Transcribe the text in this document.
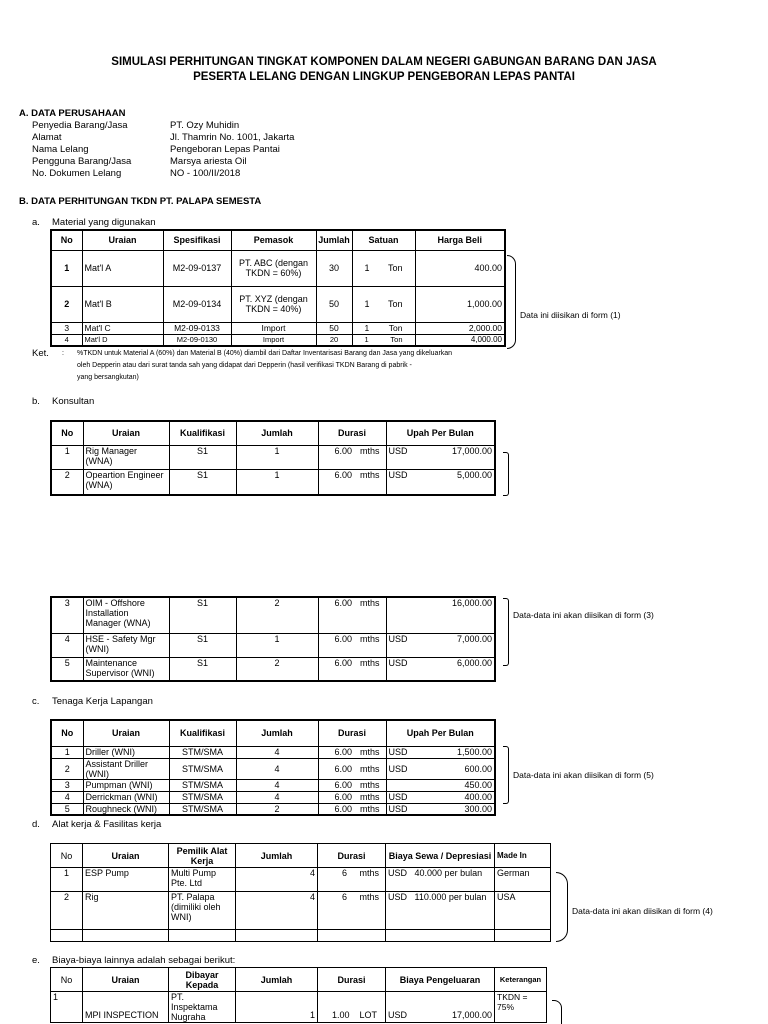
SIMULASI PERHITUNGAN TINGKAT KOMPONEN DALAM NEGERI GABUNGAN BARANG DAN JASA
PESERTA LELANG DENGAN LINGKUP PENGEBORAN LEPAS PANTAI
A. DATA PERUSAHAAN
Penyedia Barang/Jasa	PT. Ozy Muhidin
Alamat	Jl. Thamrin No. 1001, Jakarta
Nama Lelang	Pengeboran Lepas Pantai
Pengguna Barang/Jasa	Marsya ariesta Oil
No. Dokumen Lelang	NO - 100/II/2018
B. DATA PERHITUNGAN TKDN PT. PALAPA SEMESTA
a. Material yang digunakan
No	Uraian	Spesifikasi	Pemasok	Jumlah	Satuan	Harga Beli
1	Mat'l A	M2-09-0137	PT. ABC (dengan TKDN = 60%)	30	1 Ton	400.00
2	Mat'l B	M2-09-0134	PT. XYZ (dengan TKDN = 40%)	50	1 Ton	1,000.00
3	Mat'l C	M2-09-0133	Import	50	1 Ton	2,000.00
4	Mat'l D	M2-09-0130	Import	20	1 Ton	4,000.00
Data ini diisikan di form (1)
Ket. : %TKDN untuk Material A (60%) dan Material B (40%) diambil dari Daftar Inventarisasi Barang dan Jasa yang dikeluarkan
oleh Depperin atau dari surat tanda sah yang didapat dari Depperin (hasil verifikasi TKDN Barang di pabrik -
yang bersangkutan)
b. Konsultan
No	Uraian	Kualifikasi	Jumlah	Durasi	Upah Per Bulan
1	Rig Manager (WNA)	S1	1	6.00 mths	USD 17,000.00

2	Opeartion Engineer (WNA)	S1	1	6.00 mths	USD 5,000.00
3	OIM - Offshore Installation Manager (WNA)	S1	2	6.00 mths	16,000.00

4	HSE - Safety Mgr (WNI)	S1	1	6.00 mths	USD 7,000.00

5	Maintenance Supervisor (WNI)	S1	2	6.00 mths	USD 6,000.00
Data-data ini akan diisikan di form (3)
c. Tenaga Kerja Lapangan
No	Uraian	Kualifikasi	Jumlah	Durasi	Upah Per Bulan
1	Driller (WNI)	STM/SMA	4	6.00 mths	USD 1,500.00

2	Assistant Driller (WNI)	STM/SMA	4	6.00 mths	USD 600.00

3	Pumpman (WNI)	STM/SMA	4	6.00 mths	450.00

4	Derrickman (WNI)	STM/SMA	4	6.00 mths	USD 400.00

5	Roughneck (WNI)	STM/SMA	2	6.00 mths	USD 300.00
Data-data ini akan diisikan di form (5)
d. Alat kerja & Fasilitas kerja
No	Uraian	Pemilik Alat Kerja	Jumlah	Durasi	Biaya Sewa / Depresiasi	Made In
1	ESP Pump	Multi Pump Pte. Ltd	4	6 mths	USD 40.000 per bulan	German
2	Rig	PT. Palapa (dimiliki oleh WNI)	4	6 mths	USD 110.000 per bulan	USA

Data-data ini akan diisikan di form (4)
e. Biaya-biaya lainnya adalah sebagai berikut:
No	Uraian	Dibayar Kepada	Jumlah	Durasi	Biaya Pengeluaran	Keterangan
1	MPI INSPECTION	PT. Inspektama Nugraha	1	1.00 LOT	USD 17,000.00	TKDN = 75%
